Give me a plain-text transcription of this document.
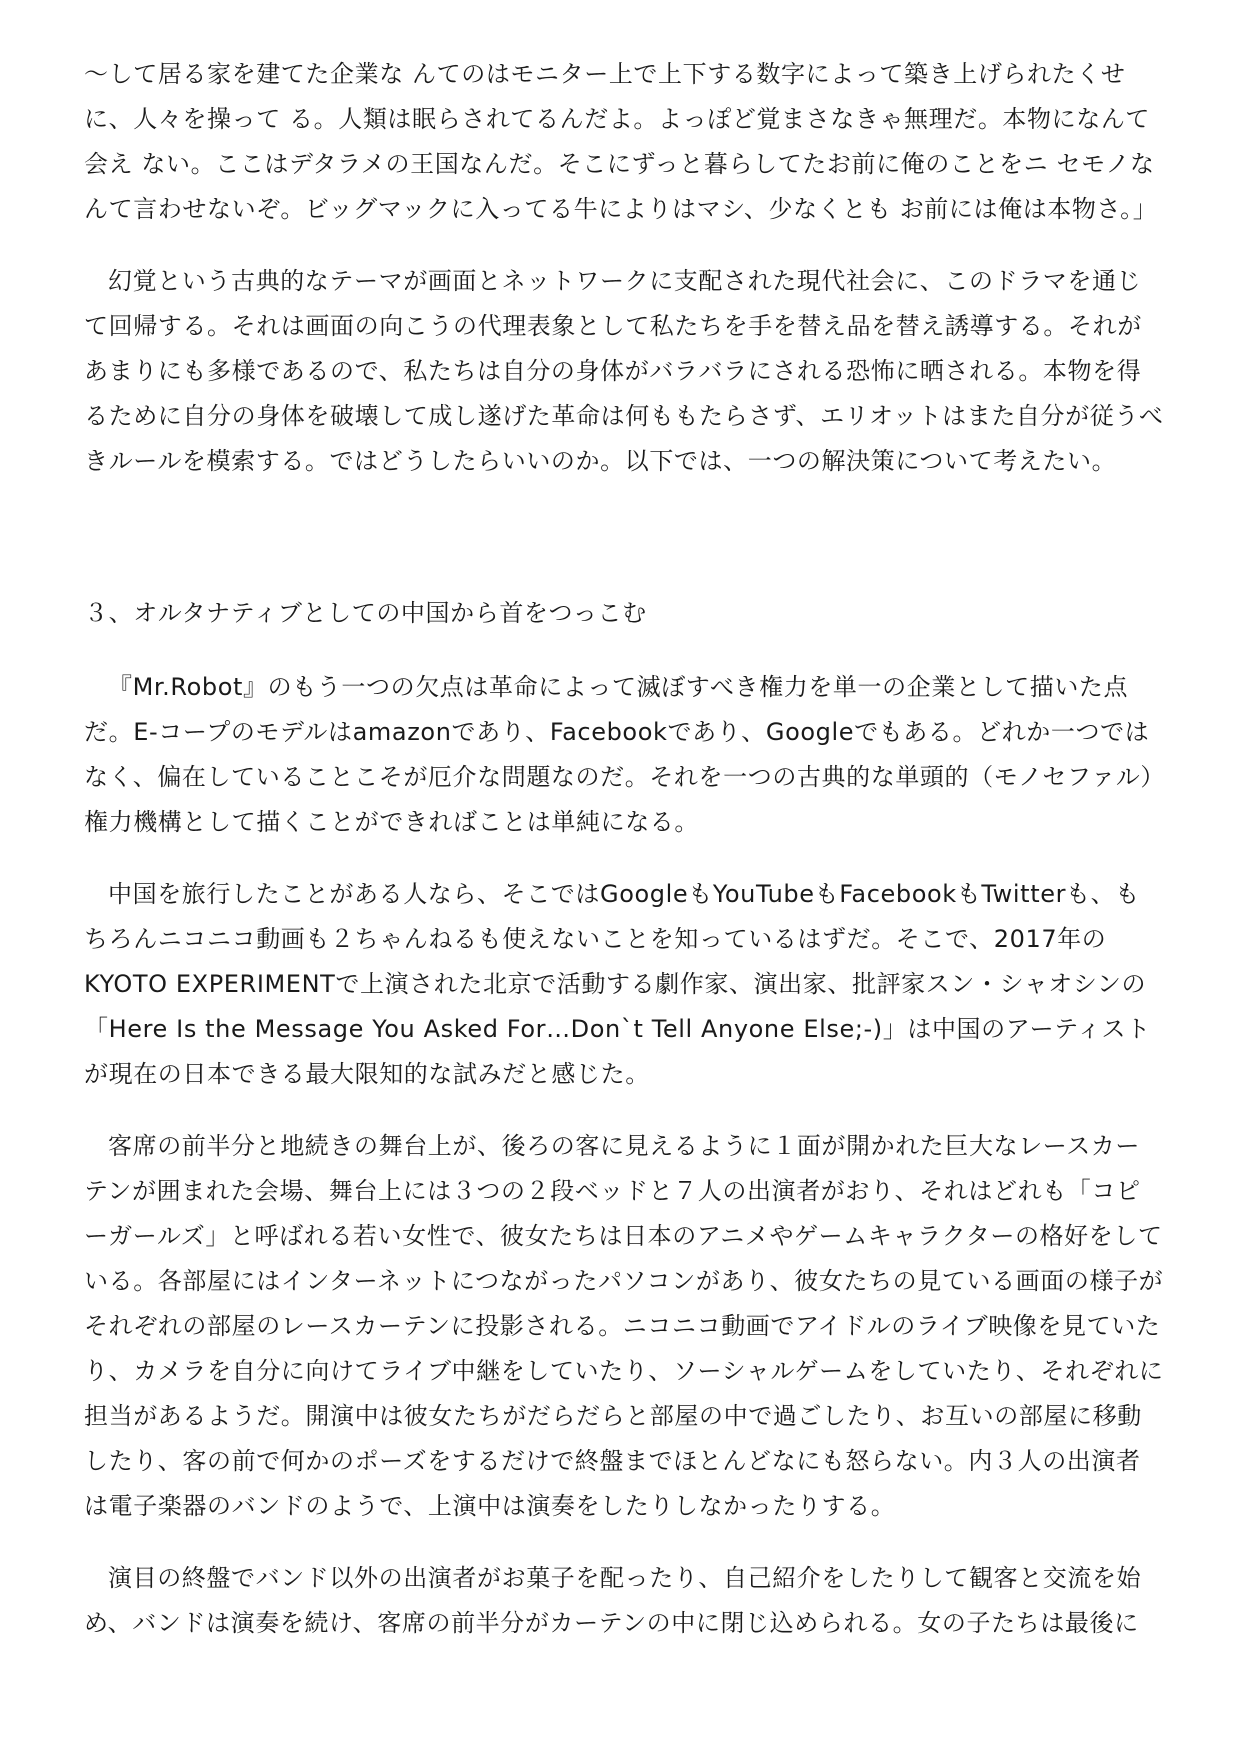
〜して居る家を建てた企業な んてのはモニター上で上下する数字によって築き上げられたくせに、人々を操って る。人類は眠らされてるんだよ。よっぽど覚まさなきゃ無理だ。本物になんて会え ない。ここはデタラメの王国なんだ。そこにずっと暮らしてたお前に俺のことをニ セモノなんて言わせないぞ。ビッグマックに入ってる牛によりはマシ、少なくとも お前には俺は本物さ。」

幻覚という古典的なテーマが画面とネットワークに支配された現代社会に、このドラマを通じて回帰する。それは画面の向こうの代理表象として私たちを手を替え品を替え誘導する。それがあまりにも多様であるので、私たちは自分の身体がバラバラにされる恐怖に晒される。本物を得るために自分の身体を破壊して成し遂げた革命は何ももたらさず、エリオットはまた自分が従うべきルールを模索する。ではどうしたらいいのか。以下では、一つの解決策について考えたい。

３、オルタナティブとしての中国から首をつっこむ

『Mr.Robot』のもう一つの欠点は革命によって滅ぼすべき権力を単一の企業として描いた点だ。E-コープのモデルはamazonであり、Facebookであり、Googleでもある。どれか一つではなく、偏在していることこそが厄介な問題なのだ。それを一つの古典的な単頭的（モノセファル）権力機構として描くことができればことは単純になる。

中国を旅行したことがある人なら、そこではGoogleもYouTubeもFacebookもTwitterも、もちろんニコニコ動画も２ちゃんねるも使えないことを知っているはずだ。そこで、2017年のKYOTO EXPERIMENTで上演された北京で活動する劇作家、演出家、批評家スン・シャオシンの「Here Is the Message You Asked For…Don`t Tell Anyone Else;-)」は中国のアーティストが現在の日本できる最大限知的な試みだと感じた。

客席の前半分と地続きの舞台上が、後ろの客に見えるように１面が開かれた巨大なレースカーテンが囲まれた会場、舞台上には３つの２段ベッドと７人の出演者がおり、それはどれも「コピーガールズ」と呼ばれる若い女性で、彼女たちは日本のアニメやゲームキャラクターの格好をしている。各部屋にはインターネットにつながったパソコンがあり、彼女たちの見ている画面の様子がそれぞれの部屋のレースカーテンに投影される。ニコニコ動画でアイドルのライブ映像を見ていたり、カメラを自分に向けてライブ中継をしていたり、ソーシャルゲームをしていたり、それぞれに担当があるようだ。開演中は彼女たちがだらだらと部屋の中で過ごしたり、お互いの部屋に移動したり、客の前で何かのポーズをするだけで終盤までほとんどなにも怒らない。内３人の出演者は電子楽器のバンドのようで、上演中は演奏をしたりしなかったりする。

演目の終盤でバンド以外の出演者がお菓子を配ったり、自己紹介をしたりして観客と交流を始め、バンドは演奏を続け、客席の前半分がカーテンの中に閉じ込められる。女の子たちは最後に
